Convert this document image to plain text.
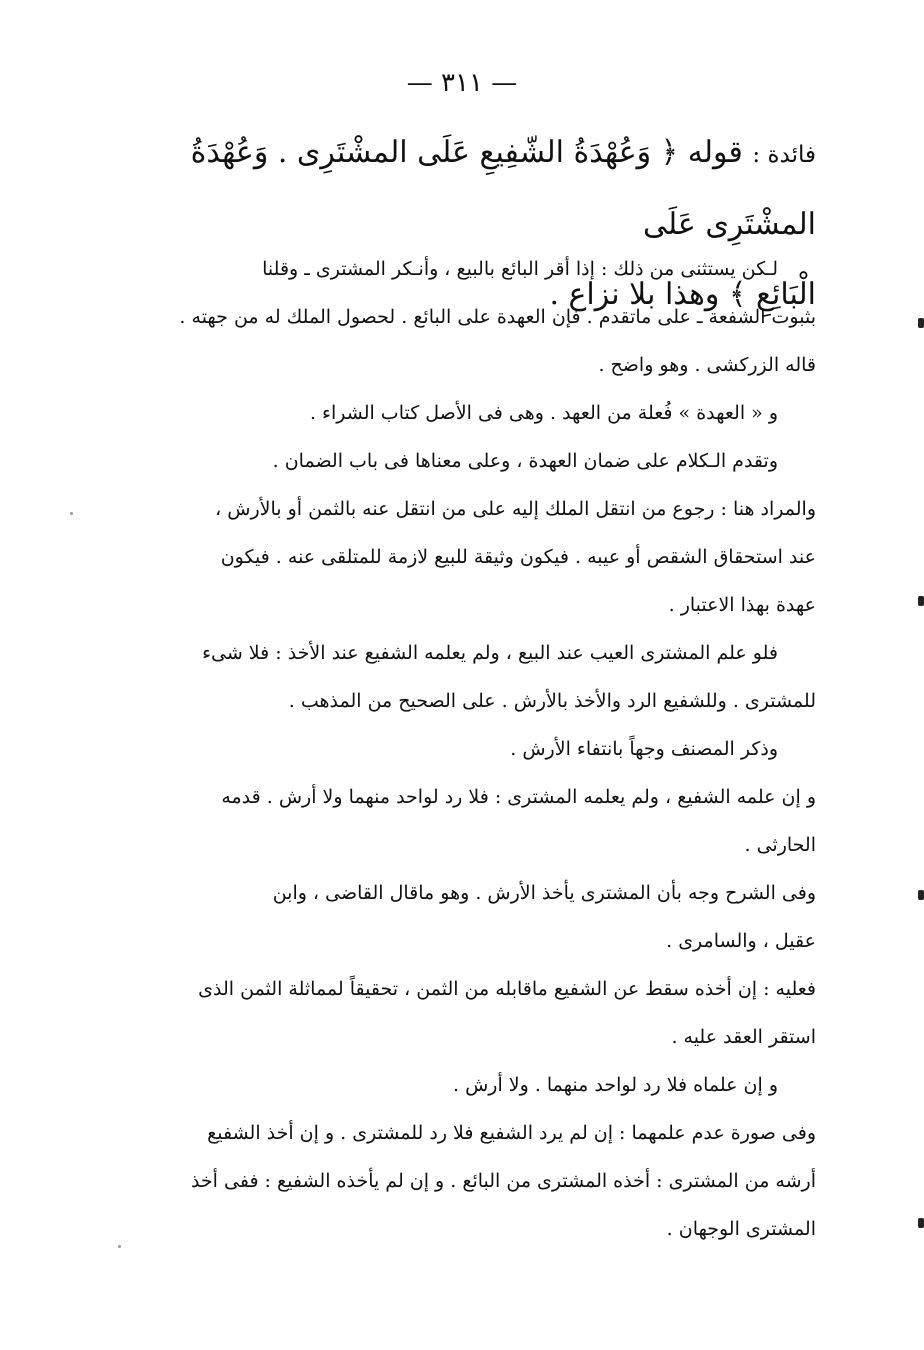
— ٣١١ —
فائدة : قوله ﴿ وَعُهْدَةُ الشّفِيعِ عَلَى المشْتَرِى . وَعُهْدَةُ المشْتَرِى عَلَى
الْبَائِعِ ﴾ وهذا بلا نزاع .
لـكن يستثنى من ذلك : إذا أقر البائع بالبيع ، وأنـكر المشترى ـ وقلنا
بثبوت الشفعة ـ على ماتقدم . فإن العهدة على البائع . لحصول الملك له من جهته .
قاله الزركشى . وهو واضح .
و « العهدة » فُعلة من العهد . وهى فى الأصل كتاب الشراء .
وتقدم الـكلام على ضمان العهدة ، وعلى معناها فى باب الضمان .
والمراد هنا : رجوع من انتقل الملك إليه على من انتقل عنه بالثمن أو بالأرش ،
عند استحقاق الشقص أو عيبه . فيكون وثيقة للبيع لازمة للمتلقى عنه . فيكون
عهدة بهذا الاعتبار .
فلو علم المشترى العيب عند البيع ، ولم يعلمه الشفيع عند الأخذ : فلا شىء
للمشترى . وللشفيع الرد والأخذ بالأرش . على الصحيح من المذهب .
وذكر المصنف وجهاً بانتفاء الأرش .
و إن علمه الشفيع ، ولم يعلمه المشترى : فلا رد لواحد منهما ولا أرش . قدمه
الحارثى .
وفى الشرح وجه بأن المشترى يأخذ الأرش . وهو ماقال القاضى ، وابن
عقيل ، والسامرى .
فعليه : إن أخذه سقط عن الشفيع ماقابله من الثمن ، تحقيقاً لمماثلة الثمن الذى
استقر العقد عليه .
و إن علماه فلا رد لواحد منهما . ولا أرش .
وفى صورة عدم علمهما : إن لم يرد الشفيع فلا رد للمشترى . و إن أخذ الشفيع
أرشه من المشترى : أخذه المشترى من البائع . و إن لم يأخذه الشفيع : ففى أخذ
المشترى الوجهان .
